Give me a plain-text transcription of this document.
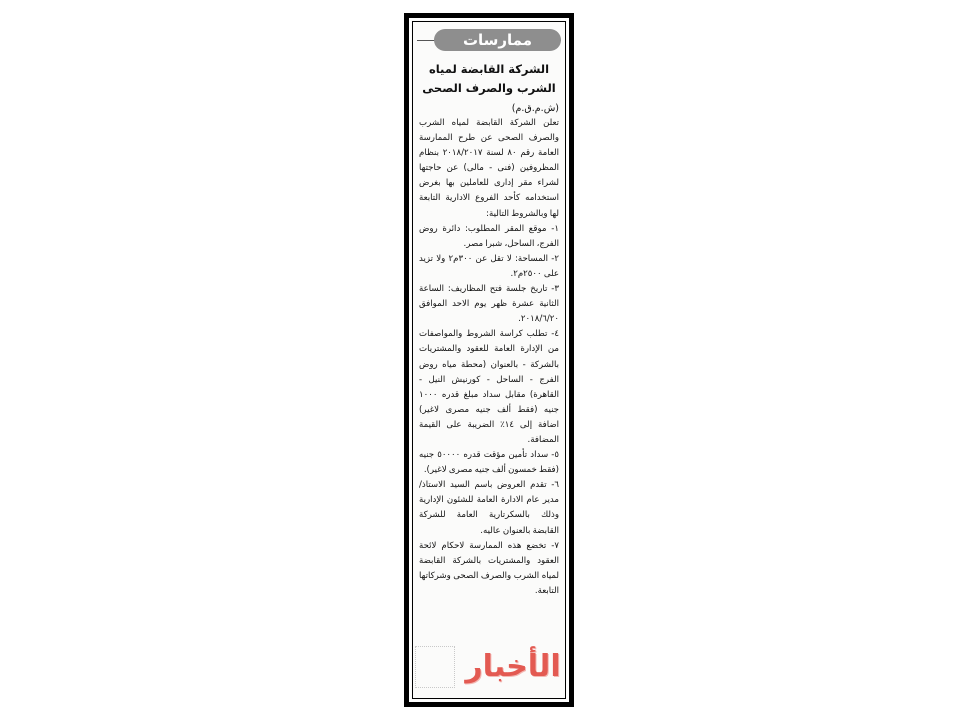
ممارسات

الشركة القابضة لمياه

الشرب والصرف الصحى

(ش.م.ق.م)

تعلن الشركة القابضة لمياه الشرب والصرف الصحى عن طرح الممارسة العامة رقم ٨٠ لسنة ٢٠١٨/٢٠١٧ بنظام المظروفين (فنى - مالى) عن حاجتها لشراء مقر إدارى للعاملين بها بغرض استخدامه كأحد الفروع الادارية التابعة لها وبالشروط التالية:

١- موقع المقر المطلوب: دائرة روض الفرج، الساحل، شبرا مصر.

٢- المساحة: لا تقل عن ٣٠٠م٢ ولا تزيد على ٢٥٠٠م٢.

٣- تاريخ جلسة فتح المظاريف: الساعة الثانية عشرة ظهر يوم الاحد الموافق ٢٠١٨/٦/٢٠.

٤- تطلب كراسة الشروط والمواصفات من الإدارة العامة للعقود والمشتريات بالشركة - بالعنوان (محطة مياه روض الفرج - الساحل - كورنيش النيل - القاهرة) مقابل سداد مبلغ قدره ١٠٠٠ جنيه (فقط ألف جنيه مصرى لاغير) اضافة إلى ١٤٪ الضريبة على القيمة المضافة.

٥- سداد تأمين مؤقت قدره ٥٠٠٠٠ جنيه (فقط خمسون ألف جنيه مصرى لاغير).

٦- تقدم العروض باسم السيد الاستاذ/ مدير عام الادارة العامة للشئون الإدارية وذلك بالسكرتارية العامة للشركة القابضة بالعنوان عاليه.

٧- تخضع هذه الممارسة لاحكام لائحة العقود والمشتريات بالشركة القابضة لمياه الشرب والصرف الصحى وشركاتها التابعة.

الأخبار
